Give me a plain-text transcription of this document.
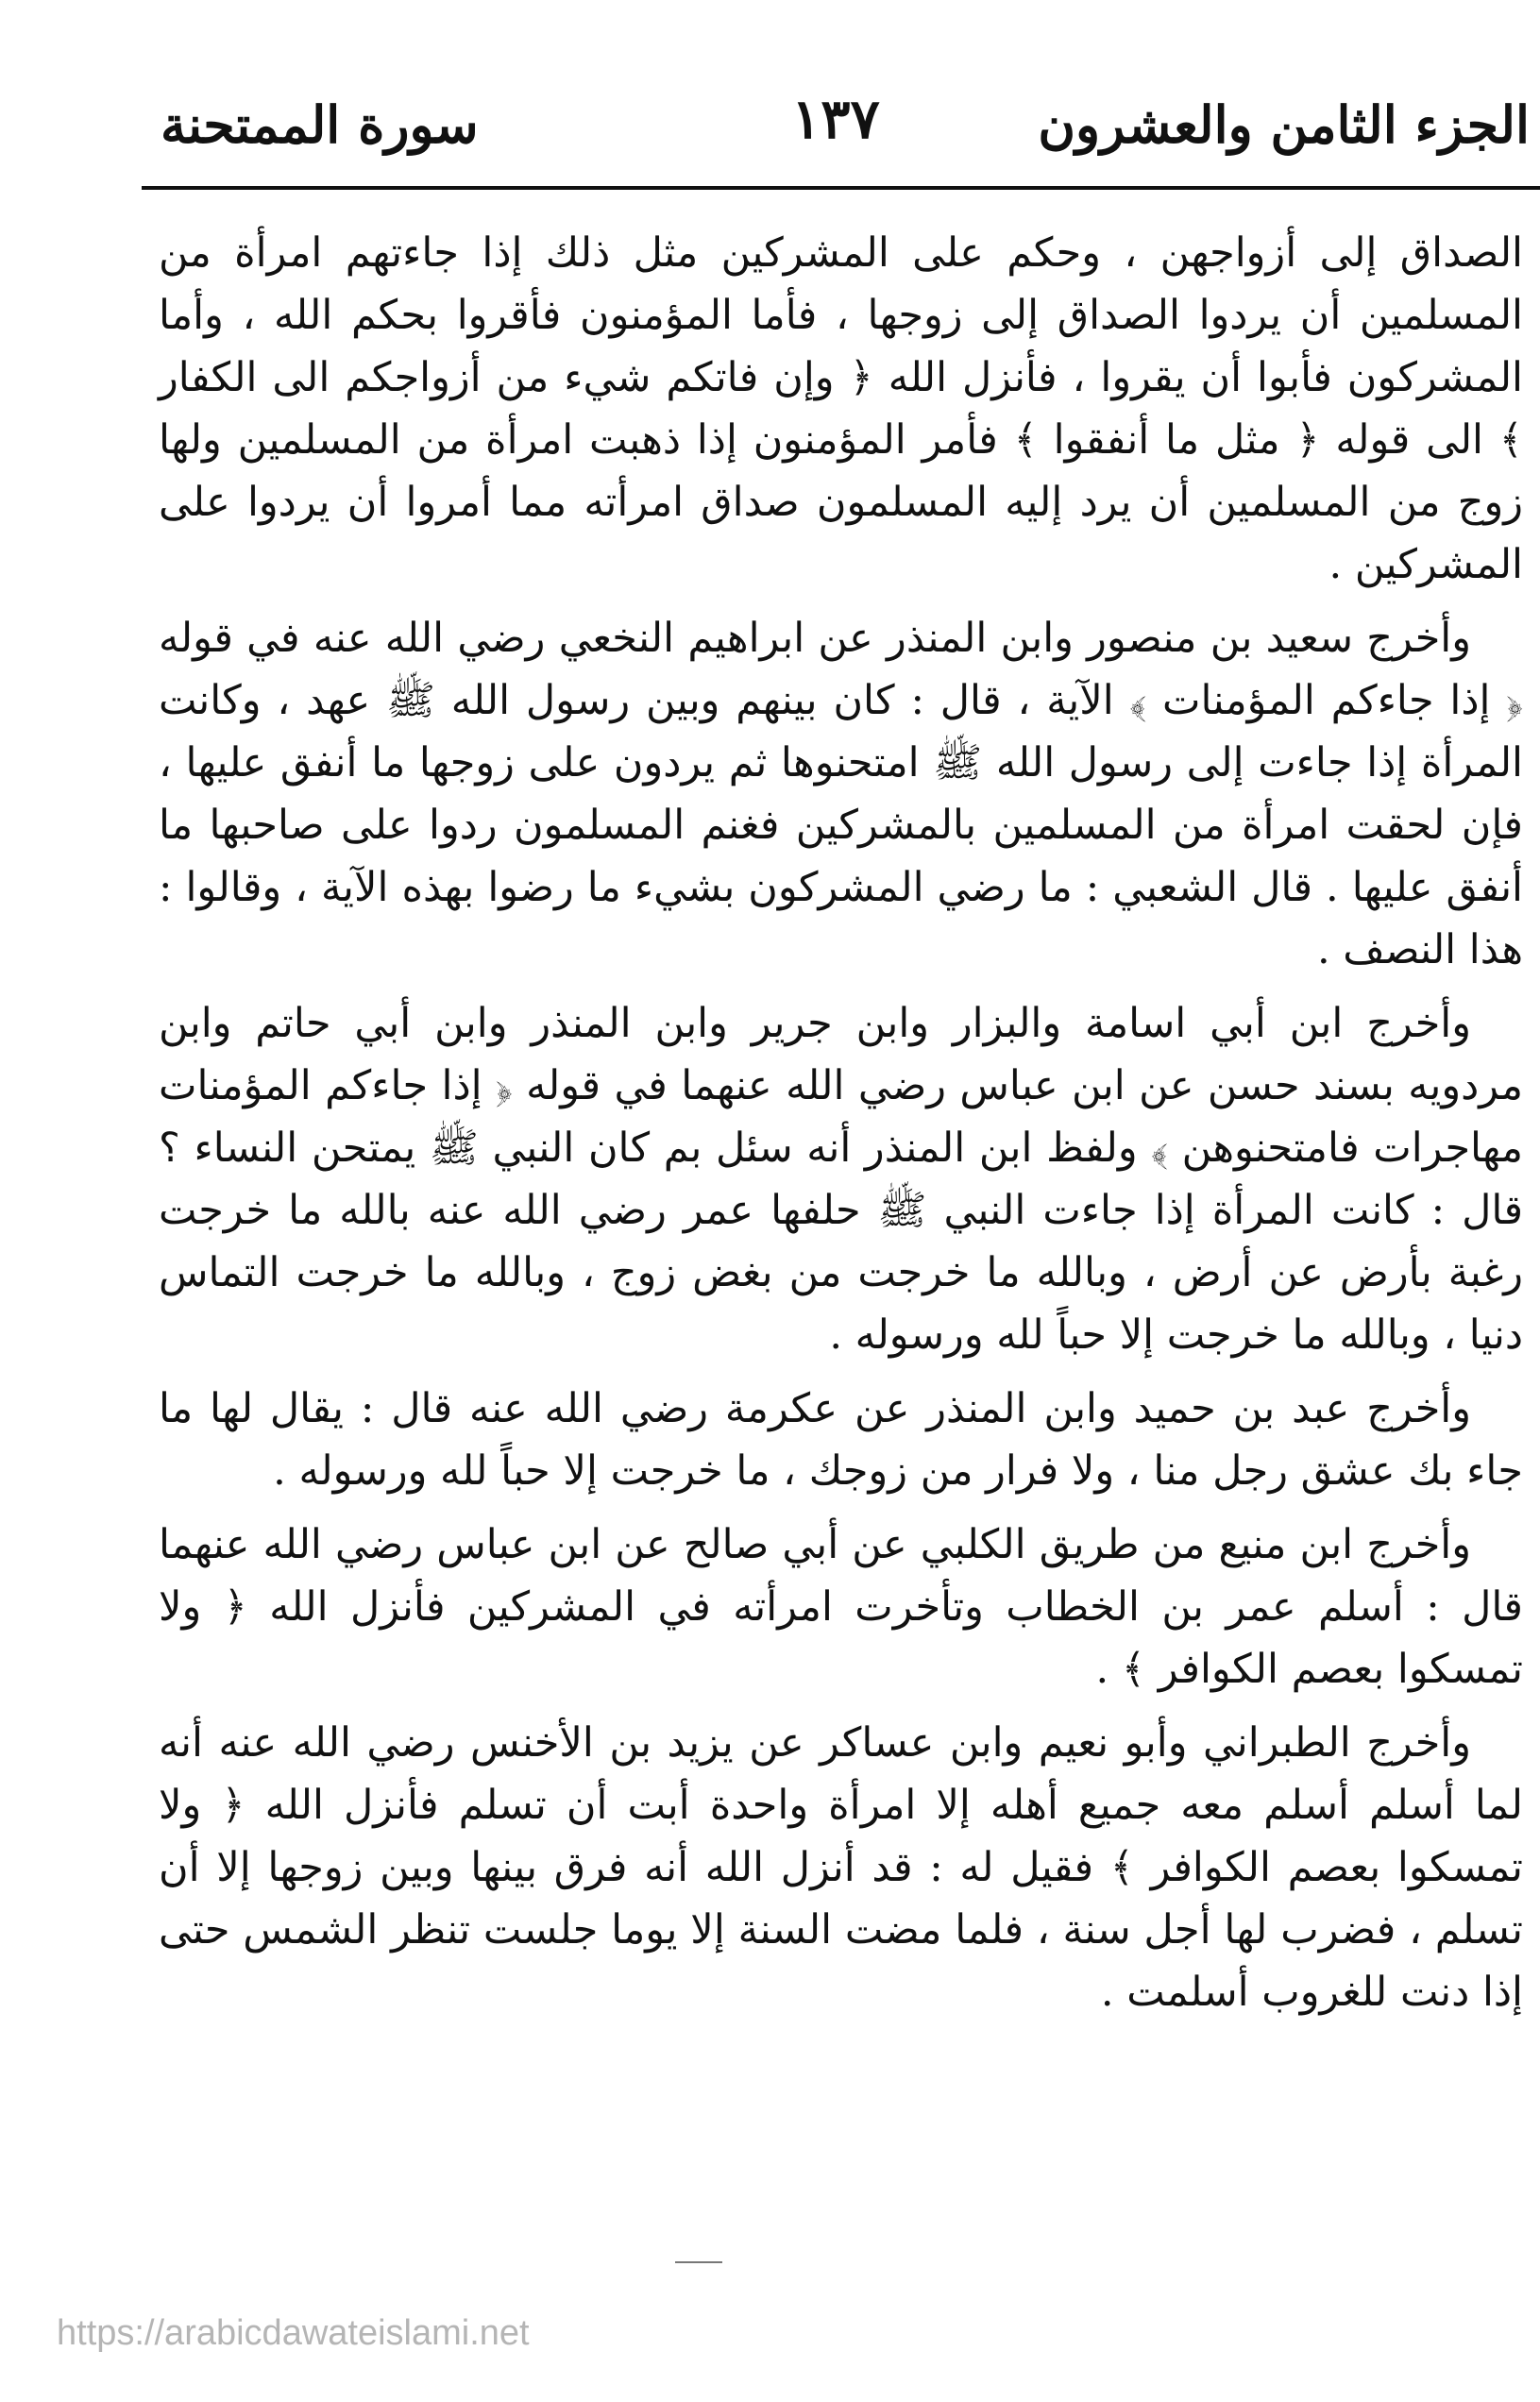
الجزء الثامن والعشرون
١٣٧
سورة الممتحنة

الصداق إلى أزواجهن ، وحكم على المشركين مثل ذلك إذا جاءتهم امرأة من المسلمين أن يردوا الصداق إلى زوجها ، فأما المؤمنون فأقروا بحكم الله ، وأما المشركون فأبوا أن يقروا ، فأنزل الله ﴿ وإن فاتكم شيء من أزواجكم الى الكفار ﴾ الى قوله ﴿ مثل ما أنفقوا ﴾ فأمر المؤمنون إذا ذهبت امرأة من المسلمين ولها زوج من المسلمين أن يرد إليه المسلمون صداق امرأته مما أمروا أن يردوا على المشركين .

وأخرج سعيد بن منصور وابن المنذر عن ابراهيم النخعي رضي الله عنه في قوله ﴿ إذا جاءكم المؤمنات ﴾ الآية ، قال : كان بينهم وبين رسول الله ﷺ عهد ، وكانت المرأة إذا جاءت إلى رسول الله ﷺ امتحنوها ثم يردون على زوجها ما أنفق عليها ، فإن لحقت امرأة من المسلمين بالمشركين فغنم المسلمون ردوا على صاحبها ما أنفق عليها . قال الشعبي : ما رضي المشركون بشيء ما رضوا بهذه الآية ، وقالوا : هذا النصف .

وأخرج ابن أبي اسامة والبزار وابن جرير وابن المنذر وابن أبي حاتم وابن مردويه بسند حسن عن ابن عباس رضي الله عنهما في قوله ﴿ إذا جاءكم المؤمنات مهاجرات فامتحنوهن ﴾ ولفظ ابن المنذر أنه سئل بم كان النبي ﷺ يمتحن النساء ؟ قال : كانت المرأة إذا جاءت النبي ﷺ حلفها عمر رضي الله عنه بالله ما خرجت رغبة بأرض عن أرض ، وبالله ما خرجت من بغض زوج ، وبالله ما خرجت التماس دنيا ، وبالله ما خرجت إلا حباً لله ورسوله .

وأخرج عبد بن حميد وابن المنذر عن عكرمة رضي الله عنه قال : يقال لها ما جاء بك عشق رجل منا ، ولا فرار من زوجك ، ما خرجت إلا حباً لله ورسوله .

وأخرج ابن منيع من طريق الكلبي عن أبي صالح عن ابن عباس رضي الله عنهما قال : أسلم عمر بن الخطاب وتأخرت امرأته في المشركين فأنزل الله ﴿ ولا تمسكوا بعصم الكوافر ﴾ .

وأخرج الطبراني وأبو نعيم وابن عساكر عن يزيد بن الأخنس رضي الله عنه أنه لما أسلم أسلم معه جميع أهله إلا امرأة واحدة أبت أن تسلم فأنزل الله ﴿ ولا تمسكوا بعصم الكوافر ﴾ فقيل له : قد أنزل الله أنه فرق بينها وبين زوجها إلا أن تسلم ، فضرب لها أجل سنة ، فلما مضت السنة إلا يوما جلست تنظر الشمس حتى إذا دنت للغروب أسلمت .

https://arabicdawateislami.net
